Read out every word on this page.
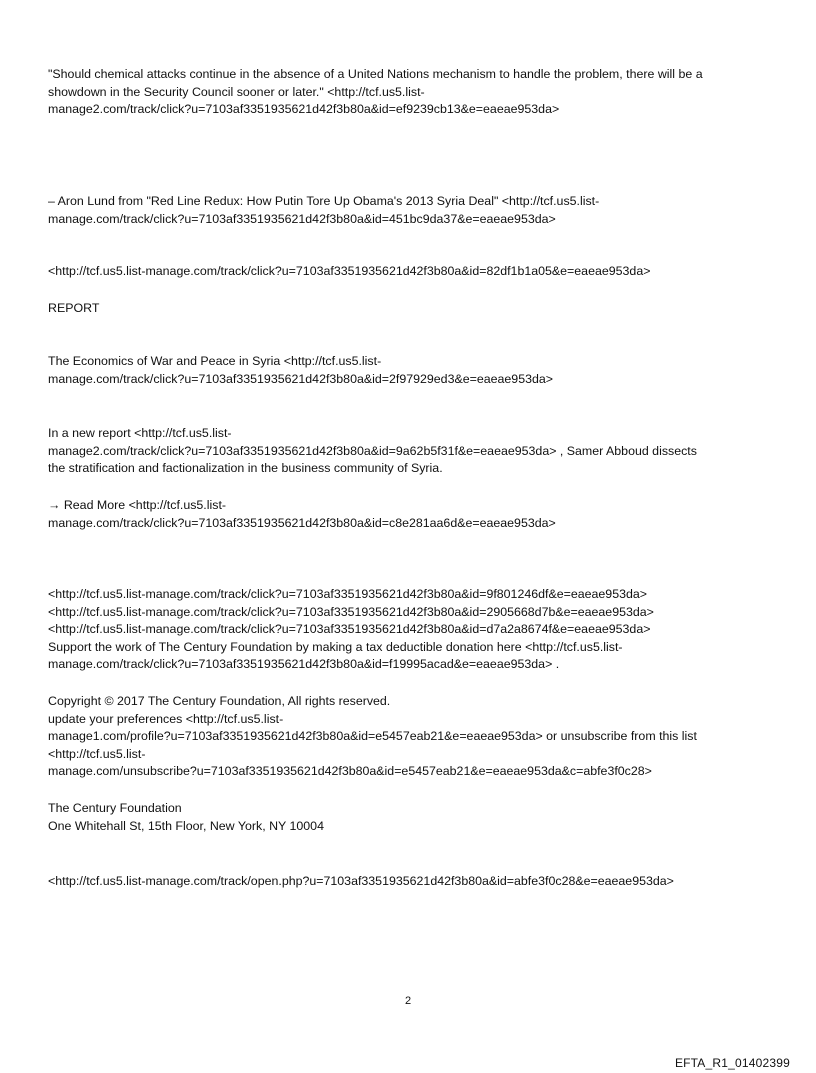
"Should chemical attacks continue in the absence of a United Nations mechanism to handle the problem, there will be a
showdown in the Security Council sooner or later." <http://tcf.us5.list-
manage2.com/track/click?u=7103af3351935621d42f3b80a&id=ef9239cb13&e=eaeae953da>
– Aron Lund from "Red Line Redux: How Putin Tore Up Obama's 2013 Syria Deal" <http://tcf.us5.list-
manage.com/track/click?u=7103af3351935621d42f3b80a&id=451bc9da37&e=eaeae953da>
<http://tcf.us5.list-manage.com/track/click?u=7103af3351935621d42f3b80a&id=82df1b1a05&e=eaeae953da>
REPORT
The Economics of War and Peace in Syria <http://tcf.us5.list-
manage.com/track/click?u=7103af3351935621d42f3b80a&id=2f97929ed3&e=eaeae953da>
In a new report <http://tcf.us5.list-
manage2.com/track/click?u=7103af3351935621d42f3b80a&id=9a62b5f31f&e=eaeae953da> , Samer Abboud dissects
the stratification and factionalization in the business community of Syria.
→ Read More <http://tcf.us5.list-
manage.com/track/click?u=7103af3351935621d42f3b80a&id=c8e281aa6d&e=eaeae953da>
<http://tcf.us5.list-manage.com/track/click?u=7103af3351935621d42f3b80a&id=9f801246df&e=eaeae953da>
<http://tcf.us5.list-manage.com/track/click?u=7103af3351935621d42f3b80a&id=2905668d7b&e=eaeae953da>
<http://tcf.us5.list-manage.com/track/click?u=7103af3351935621d42f3b80a&id=d7a2a8674f&e=eaeae953da>
Support the work of The Century Foundation by making a tax deductible donation here <http://tcf.us5.list-
manage.com/track/click?u=7103af3351935621d42f3b80a&id=f19995acad&e=eaeae953da> .
Copyright © 2017 The Century Foundation, All rights reserved.
update your preferences <http://tcf.us5.list-
manage1.com/profile?u=7103af3351935621d42f3b80a&id=e5457eab21&e=eaeae953da> or unsubscribe from this list
<http://tcf.us5.list-
manage.com/unsubscribe?u=7103af3351935621d42f3b80a&id=e5457eab21&e=eaeae953da&c=abfe3f0c28>
The Century Foundation
One Whitehall St, 15th Floor, New York, NY 10004
<http://tcf.us5.list-manage.com/track/open.php?u=7103af3351935621d42f3b80a&id=abfe3f0c28&e=eaeae953da>
2
EFTA_R1_01402399
